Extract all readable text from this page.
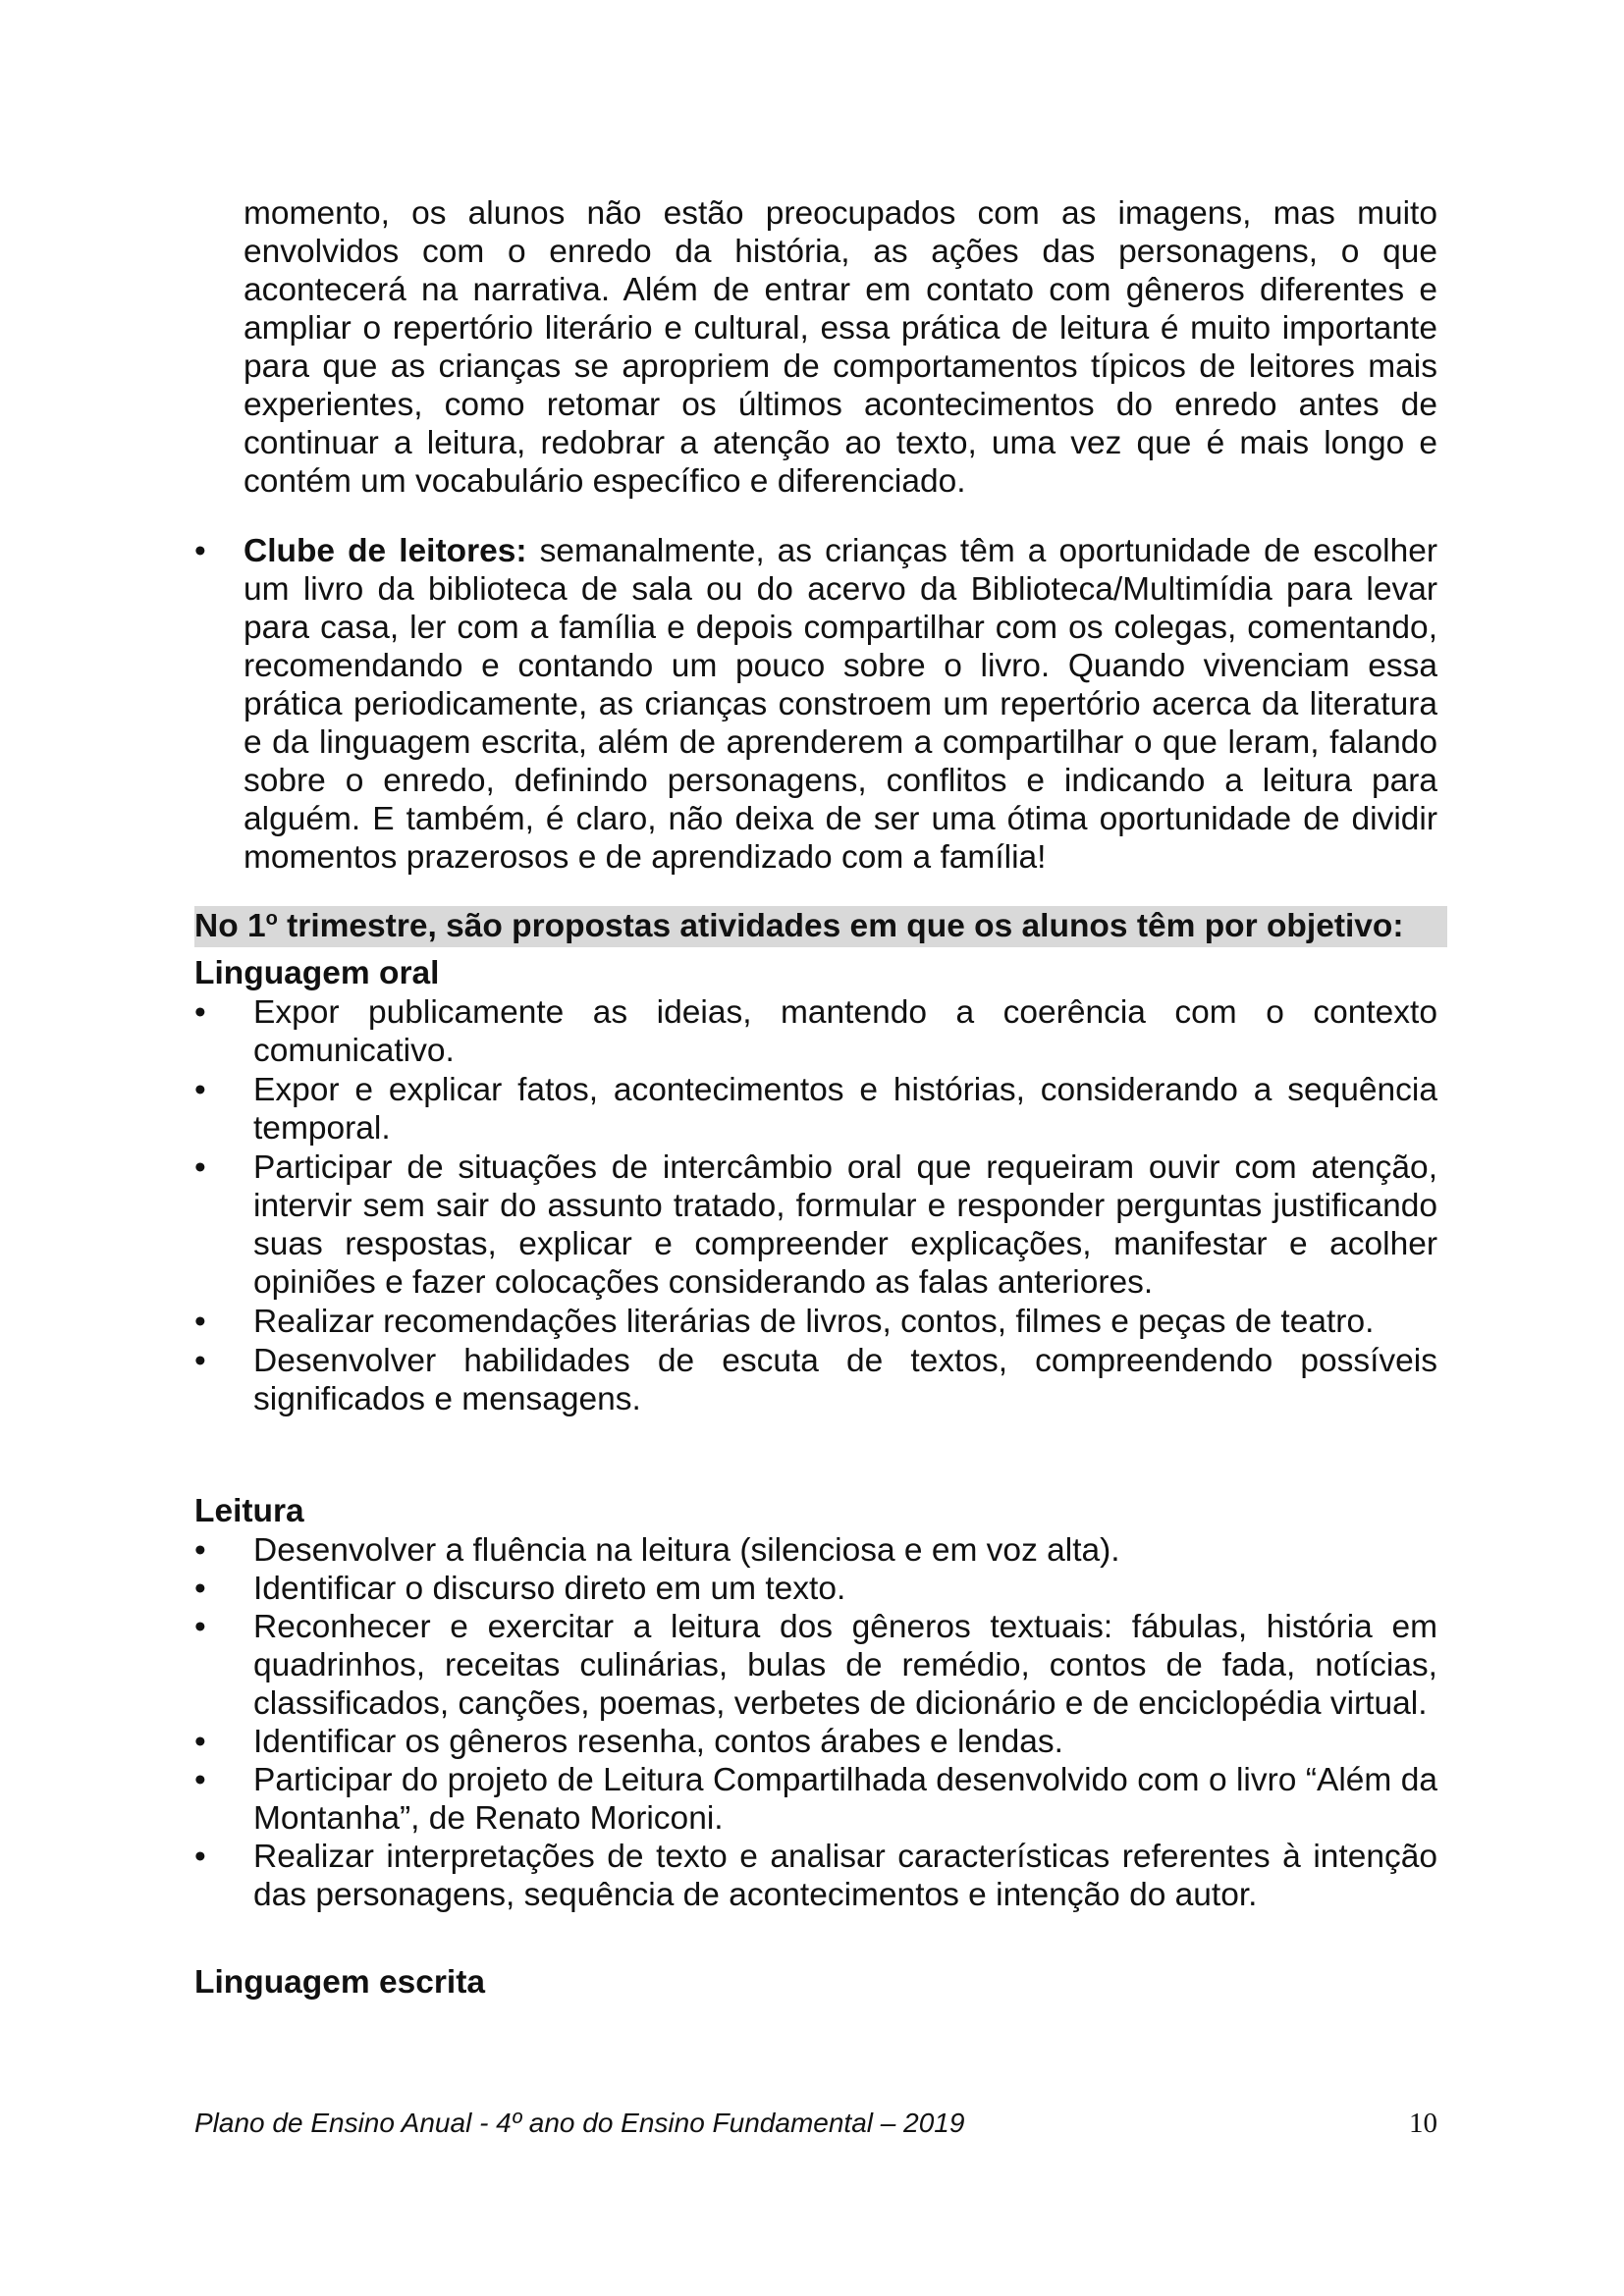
momento, os alunos não estão preocupados com as imagens, mas muito envolvidos com o enredo da história, as ações das personagens, o que acontecerá na narrativa. Além de entrar em contato com gêneros diferentes e ampliar o repertório literário e cultural, essa prática de leitura é muito importante para que as crianças se apropriem de comportamentos típicos de leitores mais experientes, como retomar os últimos acontecimentos do enredo antes de continuar a leitura, redobrar a atenção ao texto, uma vez que é mais longo e contém um vocabulário específico e diferenciado.

•	Clube de leitores: semanalmente, as crianças têm a oportunidade de escolher um livro da biblioteca de sala ou do acervo da Biblioteca/Multimídia para levar para casa, ler com a família e depois compartilhar com os colegas, comentando, recomendando e contando um pouco sobre o livro. Quando vivenciam essa prática periodicamente, as crianças constroem um repertório acerca da literatura e da linguagem escrita, além de aprenderem a compartilhar o que leram, falando sobre o enredo, definindo personagens, conflitos e indicando a leitura para alguém. E também, é claro, não deixa de ser uma ótima oportunidade de dividir momentos prazerosos e de aprendizado com a família!
No 1$^o$ trimestre, são propostas atividades em que os alunos têm por objetivo:
Linguagem oral
•	Expor publicamente as ideias, mantendo a coerência com o contexto comunicativo.
•	Expor e explicar fatos, acontecimentos e histórias, considerando a sequência temporal.
•	Participar de situações de intercâmbio oral que requeiram ouvir com atenção, intervir sem sair do assunto tratado, formular e responder perguntas justificando suas respostas, explicar e compreender explicações, manifestar e acolher opiniões e fazer colocações considerando as falas anteriores.
•	Realizar recomendações literárias de livros, contos, filmes e peças de teatro.
•	Desenvolver habilidades de escuta de textos, compreendendo possíveis significados e mensagens.
Leitura
•	Desenvolver a fluência na leitura (silenciosa e em voz alta).
•	Identificar o discurso direto em um texto.
•	Reconhecer e exercitar a leitura dos gêneros textuais: fábulas, história em quadrinhos, receitas culinárias, bulas de remédio, contos de fada, notícias, classificados, canções, poemas, verbetes de dicionário e de enciclopédia virtual.
•	Identificar os gêneros resenha, contos árabes e lendas.
•	Participar do projeto de Leitura Compartilhada desenvolvido com o livro “Além da Montanha”, de Renato Moriconi.
•	Realizar interpretações de texto e analisar características referentes à intenção das personagens, sequência de acontecimentos e intenção do autor.
Linguagem escrita
Plano de Ensino Anual - 4º ano do Ensino Fundamental – 2019	10
